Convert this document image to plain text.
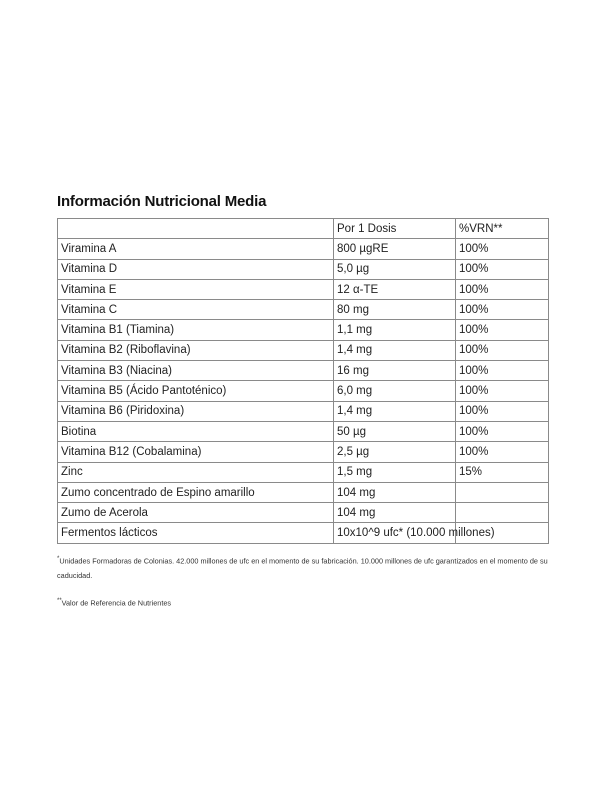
Información Nutricional Media
	Por 1 Dosis	%VRN**
Viramina A	800 µgRE	100%
Vitamina D	5,0 µg	100%
Vitamina E	12 α-TE	100%
Vitamina C	80 mg	100%
Vitamina B1 (Tiamina)	1,1 mg	100%
Vitamina B2 (Riboflavina)	1,4 mg	100%
Vitamina B3 (Niacina)	16 mg	100%
Vitamina B5 (Ácido Pantoténico)	6,0 mg	100%
Vitamina B6 (Piridoxina)	1,4 mg	100%
Biotina	50 µg	100%
Vitamina B12 (Cobalamina)	2,5 µg	100%
Zinc	1,5 mg	15%
Zumo concentrado de Espino amarillo	104 mg	
Zumo de Acerola	104 mg	
Fermentos lácticos	10x10^9 ufc* (10.000 millones)	
*Unidades Formadoras de Colonias. 42.000 millones de ufc en el momento de su fabricación. 10.000 millones de ufc garantizados en el momento de su caducidad.
**Valor de Referencia de Nutrientes
